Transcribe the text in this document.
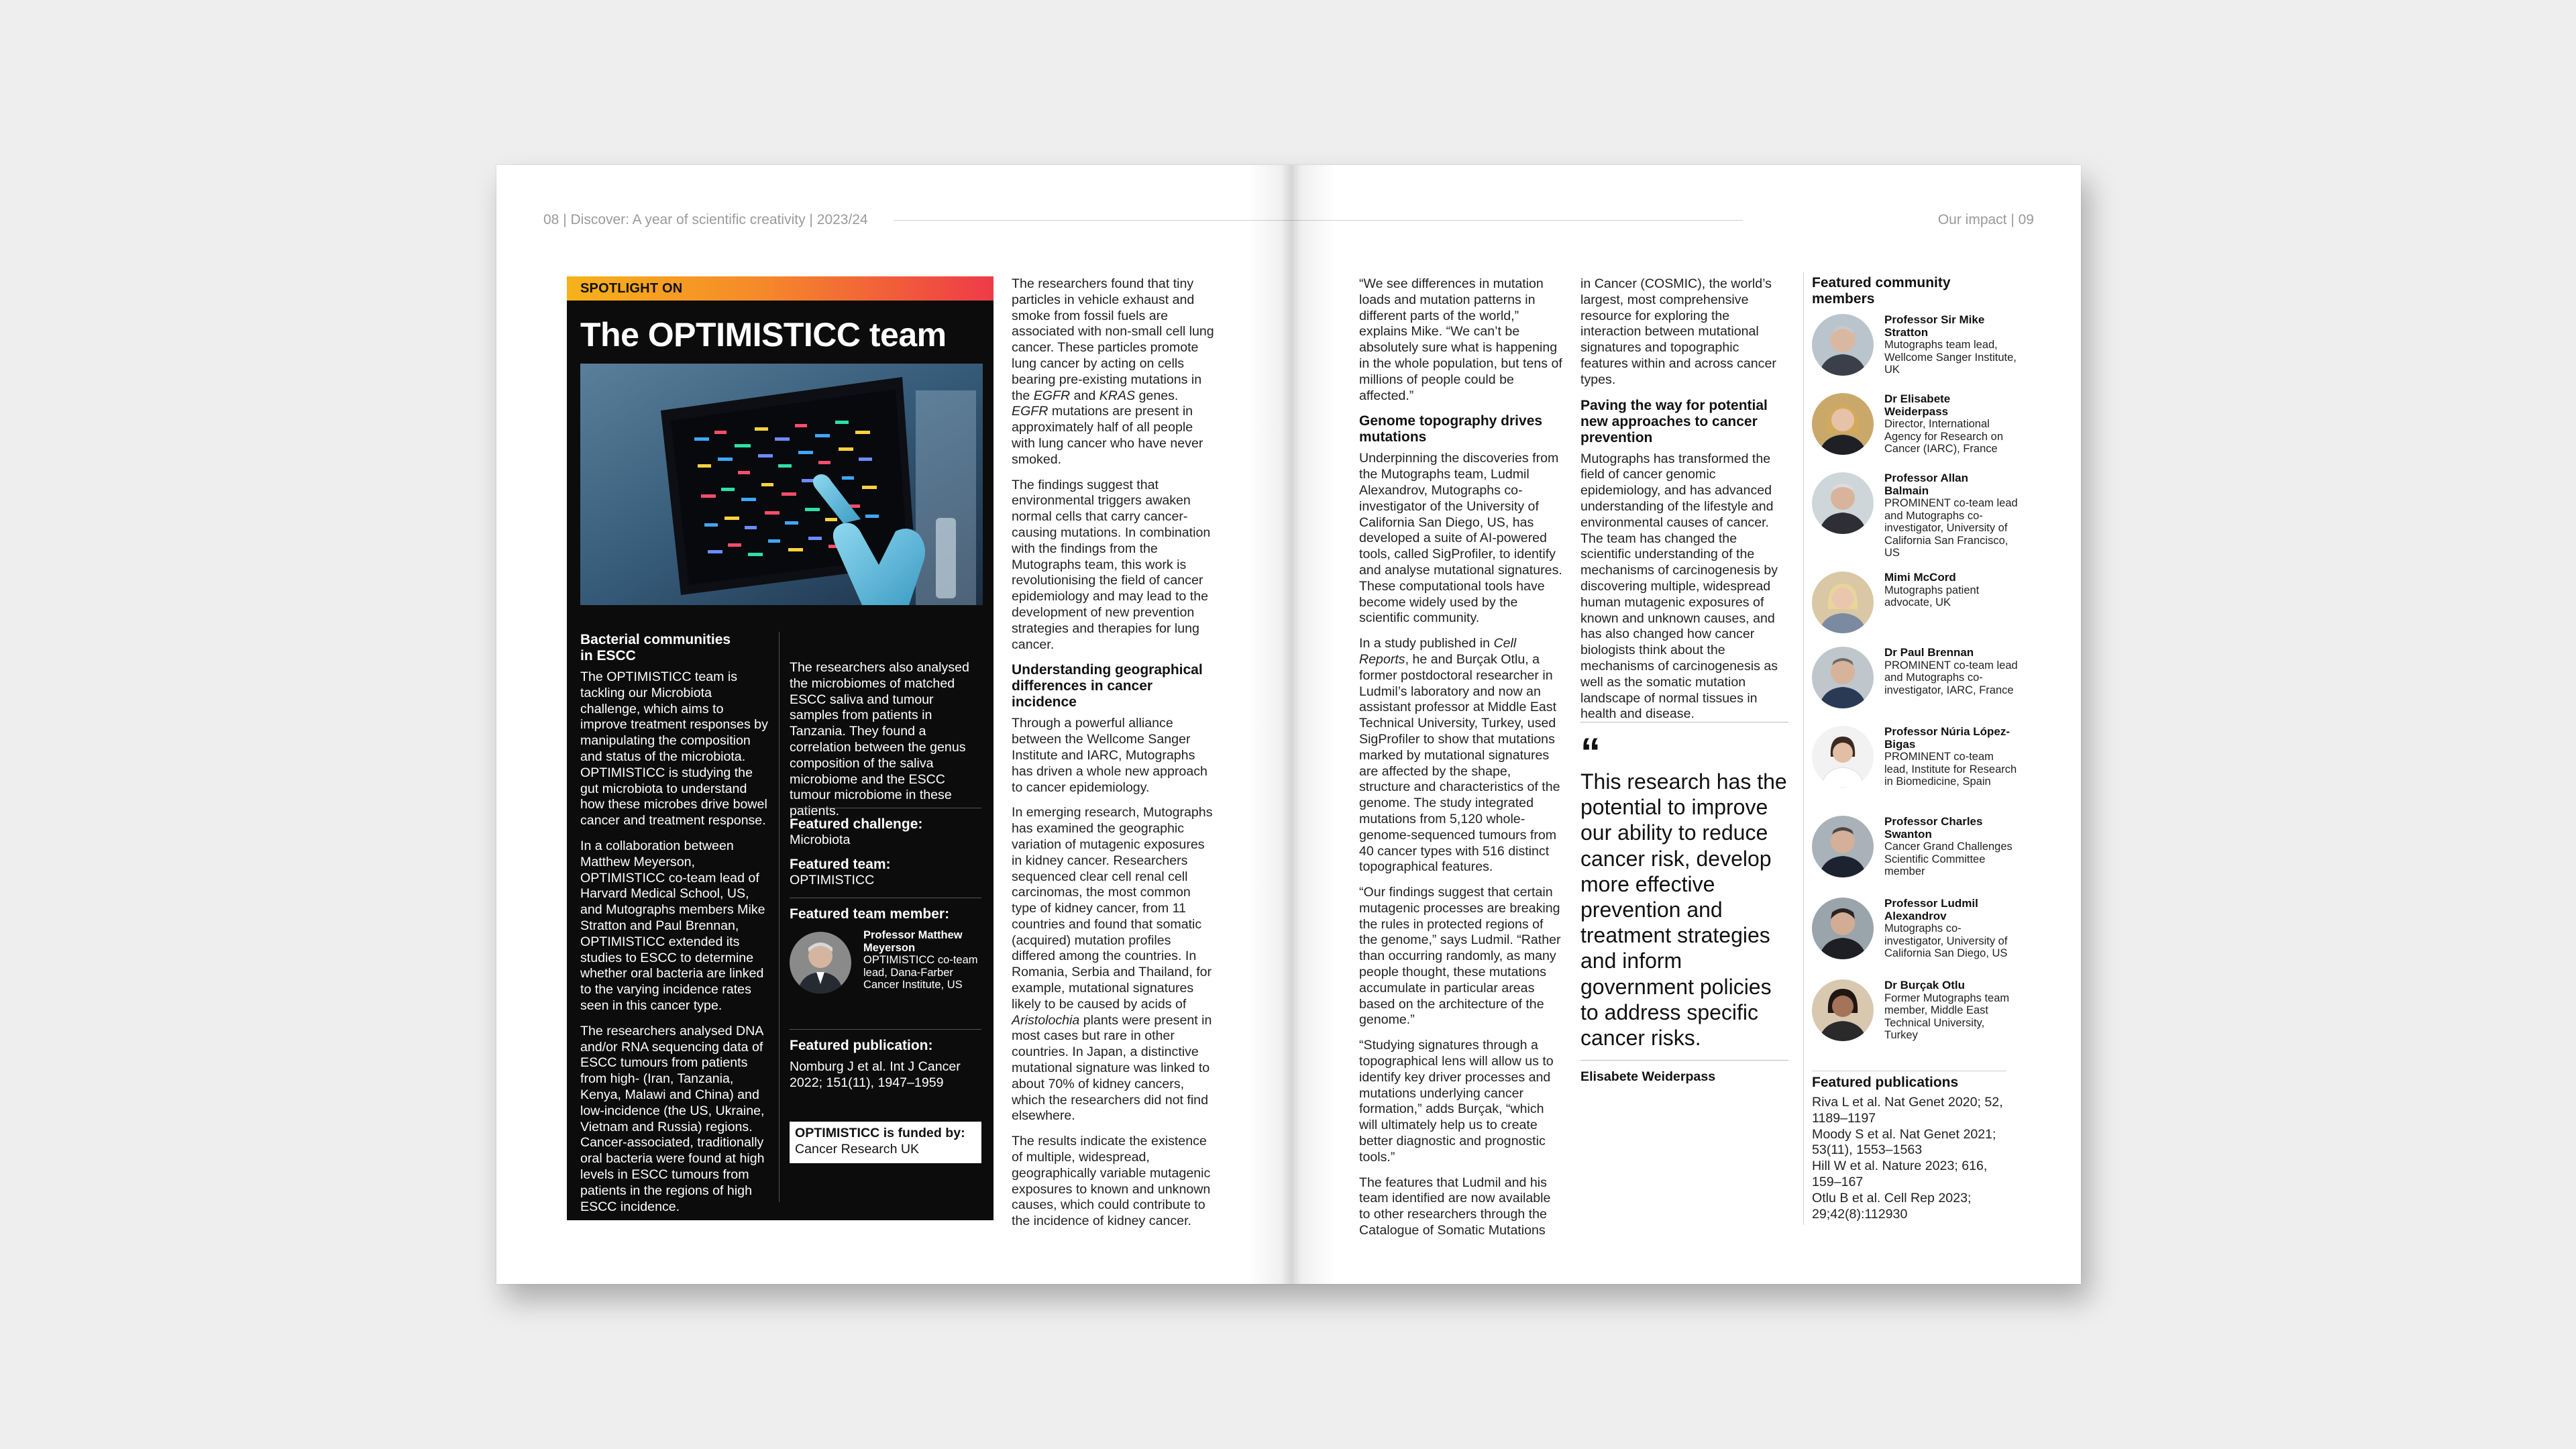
08 | Discover: A year of scientific creativity | 2023/24	Our impact | 09
SPOTLIGHT ON
The OPTIMISTICC team
Bacterial communities
in ESCC

The OPTIMISTICC team is tackling our Microbiota challenge, which aims to improve treatment responses by manipulating the composition and status of the microbiota. OPTIMISTICC is studying the gut microbiota to understand how these microbes drive bowel cancer and treatment response.

In a collaboration between Matthew Meyerson, OPTIMISTICC co-team lead of Harvard Medical School, US, and Mutographs members Mike Stratton and Paul Brennan, OPTIMISTICC extended its studies to ESCC to determine whether oral bacteria are linked to the varying incidence rates seen in this cancer type.

The researchers analysed DNA and/or RNA sequencing data of ESCC tumours from patients from high- (Iran, Tanzania, Kenya, Malawi and China) and low-incidence (the US, Ukraine, Vietnam and Russia) regions. Cancer-associated, traditionally oral bacteria were found at high levels in ESCC tumours from patients in the regions of high ESCC incidence.

The researchers also analysed the microbiomes of matched ESCC saliva and tumour samples from patients in Tanzania. They found a correlation between the genus composition of the saliva microbiome and the ESCC tumour microbiome in these patients.

Featured challenge:
Microbiota
Featured team:
OPTIMISTICC
Featured team member:
Professor Matthew
Meyerson
OPTIMISTICC co-team lead, Dana-Farber Cancer Institute, US
Featured publication:
Nomburg J et al. Int J Cancer 2022; 151(11), 1947–1959
OPTIMISTICC is funded by:
Cancer Research UK

The researchers found that tiny particles in vehicle exhaust and smoke from fossil fuels are associated with non-small cell lung cancer. These particles promote lung cancer by acting on cells bearing pre-existing mutations in the EGFR and KRAS genes. EGFR mutations are present in approximately half of all people with lung cancer who have never smoked.

The findings suggest that environmental triggers awaken normal cells that carry cancer-causing mutations. In combination with the findings from the Mutographs team, this work is revolutionising the field of cancer epidemiology and may lead to the development of new prevention strategies and therapies for lung cancer.

Understanding geographical differences in cancer incidence

Through a powerful alliance between the Wellcome Sanger Institute and IARC, Mutographs has driven a whole new approach to cancer epidemiology.

In emerging research, Mutographs has examined the geographic variation of mutagenic exposures in kidney cancer. Researchers sequenced clear cell renal cell carcinomas, the most common type of kidney cancer, from 11 countries and found that somatic (acquired) mutation profiles differed among the countries. In Romania, Serbia and Thailand, for example, mutational signatures likely to be caused by acids of Aristolochia plants were present in most cases but rare in other countries. In Japan, a distinctive mutational signature was linked to about 70% of kidney cancers, which the researchers did not find elsewhere.

The results indicate the existence of multiple, widespread, geographically variable mutagenic exposures to known and unknown causes, which could contribute to the incidence of kidney cancer.

“We see differences in mutation loads and mutation patterns in different parts of the world,” explains Mike. “We can’t be absolutely sure what is happening in the whole population, but tens of millions of people could be affected.”

Genome topography drives mutations

Underpinning the discoveries from the Mutographs team, Ludmil Alexandrov, Mutographs co-investigator of the University of California San Diego, US, has developed a suite of AI-powered tools, called SigProfiler, to identify and analyse mutational signatures. These computational tools have become widely used by the scientific community.

In a study published in Cell Reports, he and Burçak Otlu, a former postdoctoral researcher in Ludmil’s laboratory and now an assistant professor at Middle East Technical University, Turkey, used SigProfiler to show that mutations marked by mutational signatures are affected by the shape, structure and characteristics of the genome. The study integrated mutations from 5,120 whole-genome-sequenced tumours from 40 cancer types with 516 distinct topographical features.

“Our findings suggest that certain mutagenic processes are breaking the rules in protected regions of the genome,” says Ludmil. “Rather than occurring randomly, as many people thought, these mutations accumulate in particular areas based on the architecture of the genome.”

“Studying signatures through a topographical lens will allow us to identify key driver processes and mutations underlying cancer formation,” adds Burçak, “which will ultimately help us to create better diagnostic and prognostic tools.”

The features that Ludmil and his team identified are now available to other researchers through the Catalogue of Somatic Mutations

in Cancer (COSMIC), the world’s largest, most comprehensive resource for exploring the interaction between mutational signatures and topographic features within and across cancer types.

Paving the way for potential new approaches to cancer prevention

Mutographs has transformed the field of cancer genomic epidemiology, and has advanced understanding of the lifestyle and environmental causes of cancer. The team has changed the scientific understanding of the mechanisms of carcinogenesis by discovering multiple, widespread human mutagenic exposures of known and unknown causes, and has also changed how cancer biologists think about the mechanisms of carcinogenesis as well as the somatic mutation landscape of normal tissues in health and disease.

“
This research has the potential to improve our ability to reduce cancer risk, develop more effective prevention and treatment strategies and inform government policies to address specific cancer risks.
Elisabete Weiderpass
Featured community members
Professor Sir Mike Stratton
Mutographs team lead, Wellcome Sanger Institute, UK
Dr Elisabete Weiderpass
Director, International Agency for Research on Cancer (IARC), France
Professor Allan Balmain
PROMINENT co-team lead and Mutographs co-investigator, University of California San Francisco, US
Mimi McCord
Mutographs patient advocate, UK
Dr Paul Brennan
PROMINENT co-team lead and Mutographs co-investigator, IARC, France
Professor Núria López-Bigas
PROMINENT co-team lead, Institute for Research in Biomedicine, Spain
Professor Charles Swanton
Cancer Grand Challenges Scientific Committee member
Professor Ludmil Alexandrov
Mutographs co-investigator, University of California San Diego, US
Dr Burçak Otlu
Former Mutographs team member, Middle East Technical University, Turkey
Featured publications
Riva L et al. Nat Genet 2020; 52, 1189–1197
Moody S et al. Nat Genet 2021; 53(11), 1553–1563
Hill W et al. Nature 2023; 616, 159–167
Otlu B et al. Cell Rep 2023; 29;42(8):112930
